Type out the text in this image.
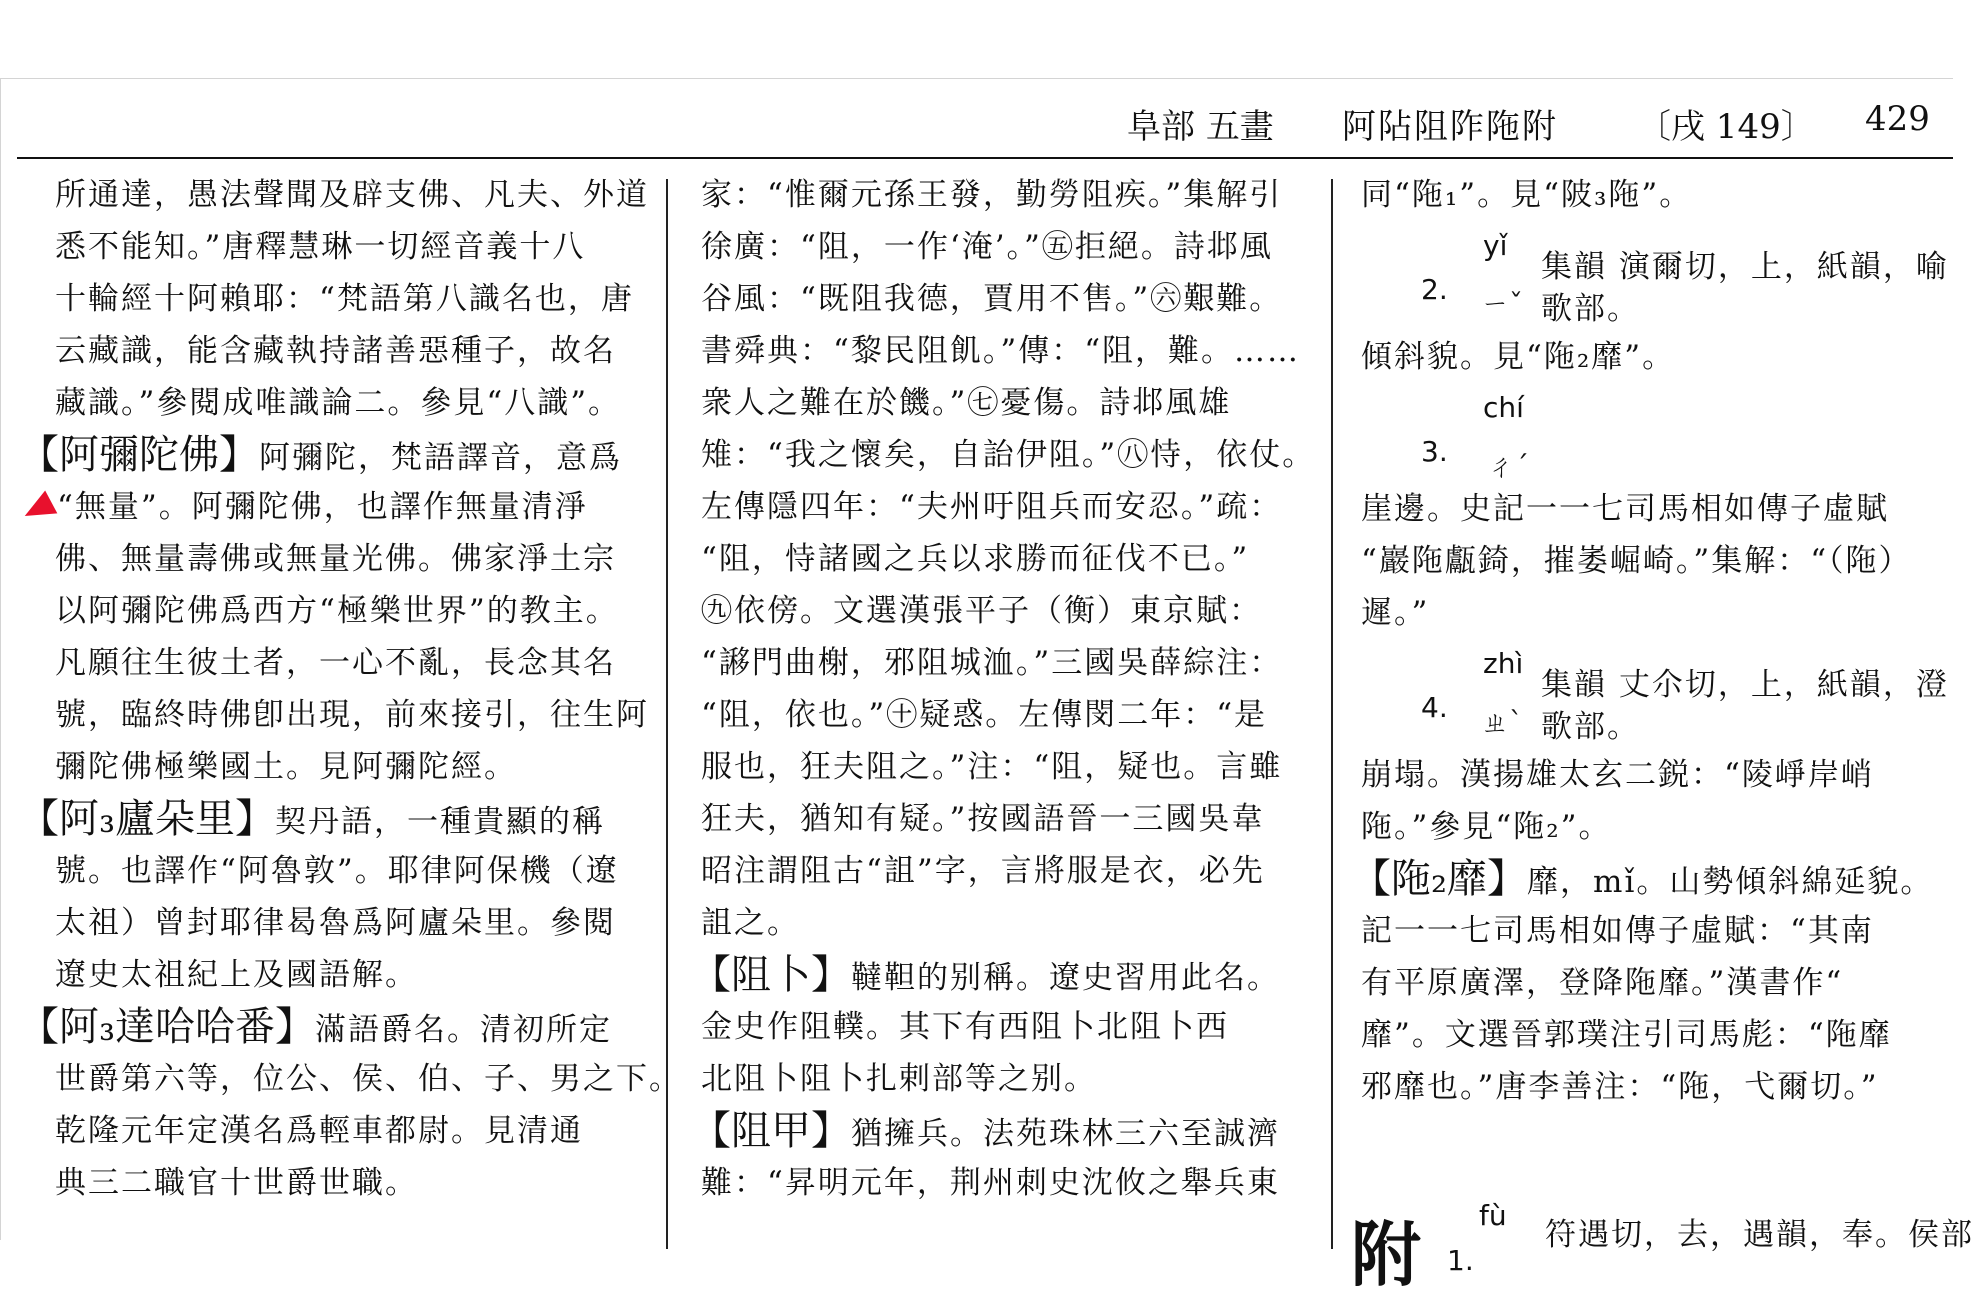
阜部 五畫 阿阽阻阼陁附 〔戌 149〕 429
所通達，愚法聲聞及辟支佛、凡夫、外道
悉不能知。”唐釋慧琳一切經音義十八
十輪經十阿賴耶：“梵語第八識名也，唐
云藏識，能含藏執持諸善惡種子，故名
藏識。”參閱成唯識論二。參見“八識”。
【阿彌陀佛】阿彌陀，梵語譯音，意爲
“無量”。阿彌陀佛，也譯作無量清淨
佛、無量壽佛或無量光佛。佛家淨土宗
以阿彌陀佛爲西方“極樂世界”的教主。
凡願往生彼土者，一心不亂，長念其名
號，臨終時佛卽出現，前來接引，往生阿
彌陀佛極樂國土。見阿彌陀經。
【阿₃廬朵里】契丹語，一種貴顯的稱
號。也譯作“阿魯敦”。耶律阿保機（遼
太祖）曾封耶律曷魯爲阿廬朵里。參閱
遼史太祖紀上及國語解。
【阿₃達哈哈番】滿語爵名。清初所定
世爵第六等，位公、侯、伯、子、男之下。
乾隆元年定漢名爲輕車都尉。見清通
典三二職官十世爵世職。
家：“惟爾元孫王發，勤勞阻疾。”集解引
徐廣：“阻，一作‘淹’。”㊄拒絕。詩邶風
谷風：“既阻我德，賈用不售。”㊅艱難。
書舜典：“黎民阻飢。”傳：“阻，難。……
衆人之難在於饑。”㊆憂傷。詩邶風雄
雉：“我之懷矣，自詒伊阻。”㊇恃，依仗。
左傳隱四年：“夫州吁阻兵而安忍。”疏：
“阻，恃諸國之兵以求勝而征伐不已。”
㊈依傍。文選漢張平子（衡）東京賦：
“謻門曲榭，邪阻城洫。”三國吳薛綜注：
“阻，依也。”㊉疑惑。左傳閔二年：“是
服也，狂夫阻之。”注：“阻，疑也。言雖
狂夫，猶知有疑。”按國語晉一三國吳韋
昭注謂阻古“詛”字，言將服是衣，必先
詛之。
【阻卜】韃靼的别稱。遼史習用此名。
金史作阻轐。其下有西阻卜北阻卜西
北阻卜阻卜扎剌部等之别。
【阻甲】猶擁兵。法苑珠林三六至誠濟
難：“昇明元年，荆州刺史沈攸之舉兵東
同“陁₁”。見“陂₃陁”。
yǐ
2. ㄧˇ
集韻 演爾切，上，紙韻，喻
歌部。
傾斜貌。見“陁₂靡”。
chí
3. ㄔˊ
崖邊。史記一一七司馬相如傳子虛賦
“巖陁甗錡，摧崣崛崎。”集解：“（陁）
遲。”
zhì
4. ㄓˋ
集韻 丈尒切，上，紙韻，澄
歌部。
崩塌。漢揚雄太玄二鋭：“陵崢岸峭
陁。”參見“陁₂”。
【陁₂靡】靡，mǐ。山勢傾斜綿延貌。
記一一七司馬相如傳子虛賦：“其南
有平原廣澤，登降陁靡。”漢書作“
靡”。文選晉郭璞注引司馬彪：“陁靡
邪靡也。”唐李善注：“陁，弋爾切。”
附 fù
1.
符遇切，去，遇韻，奉。侯部
